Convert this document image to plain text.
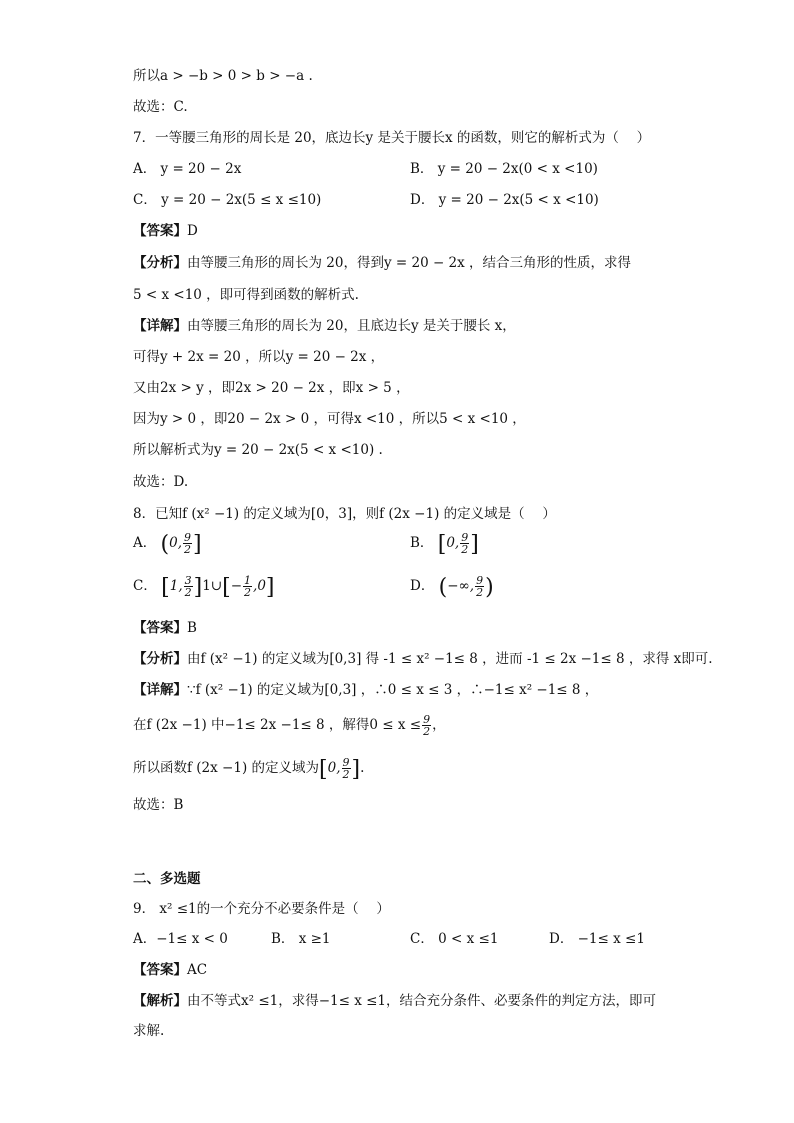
所以a > −b > 0 > b > −a .
故选：C.
7．一等腰三角形的周长是 20，底边长y 是关于腰长x 的函数，则它的解析式为（　 ）
A． y = 20 − 2x	B． y = 20 − 2x(0 < x <10)
C． y = 20 − 2x(5 ≤ x ≤10)	D． y = 20 − 2x(5 < x <10)
【答案】D
【分析】由等腰三角形的周长为 20，得到y = 20 − 2x ，结合三角形的性质，求得
5 < x <10 ，即可得到函数的解析式.
【详解】由等腰三角形的周长为 20，且底边长y 是关于腰长 x，
可得y + 2x = 20 ，所以y = 20 − 2x ，
又由2x > y ，即2x > 20 − 2x ，即x > 5 ，
因为y > 0 ，即20 − 2x > 0 ，可得x <10 ，所以5 < x <10 ，
所以解析式为y = 20 − 2x(5 < x <10) .
故选：D.
8．已知f (x² −1) 的定义域为[0，3]，则f (2x −1) 的定义域是（　 ）
A． (0, $\frac{9}{2}$ ]	B． [0, $\frac{9}{2}$ ]
C． [1, $\frac{3}{2}$ ]1∪[− $\frac{1}{2} ,0$]	D． (−∞, $\frac{9}{2}$ )
【答案】B
【分析】由f (x² −1) 的定义域为[0,3] 得 -1 ≤ x² −1≤ 8 ，进而 -1 ≤ 2x −1≤ 8 ，求得 x即可.
【详解】∵f (x² −1) 的定义域为[0,3] ，∴0 ≤ x ≤ 3 ，∴−1≤ x² −1≤ 8 ，
在f (2x −1) 中−1≤ 2x −1≤ 8 ，解得$0 \le x \le \frac{9}{2}$ ，
所以函数f (2x −1) 的定义域为[0, $\frac{9}{2}$ ].
故选：B
二、多选题
9． x² ≤1的一个充分不必要条件是（　 ）
A．−1≤ x < 0	B． x ≥1	C． 0 < x ≤1	D． −1≤ x ≤1
【答案】AC
【解析】由不等式x² ≤1，求得−1≤ x ≤1，结合充分条件、必要条件的判定方法，即可
求解.
